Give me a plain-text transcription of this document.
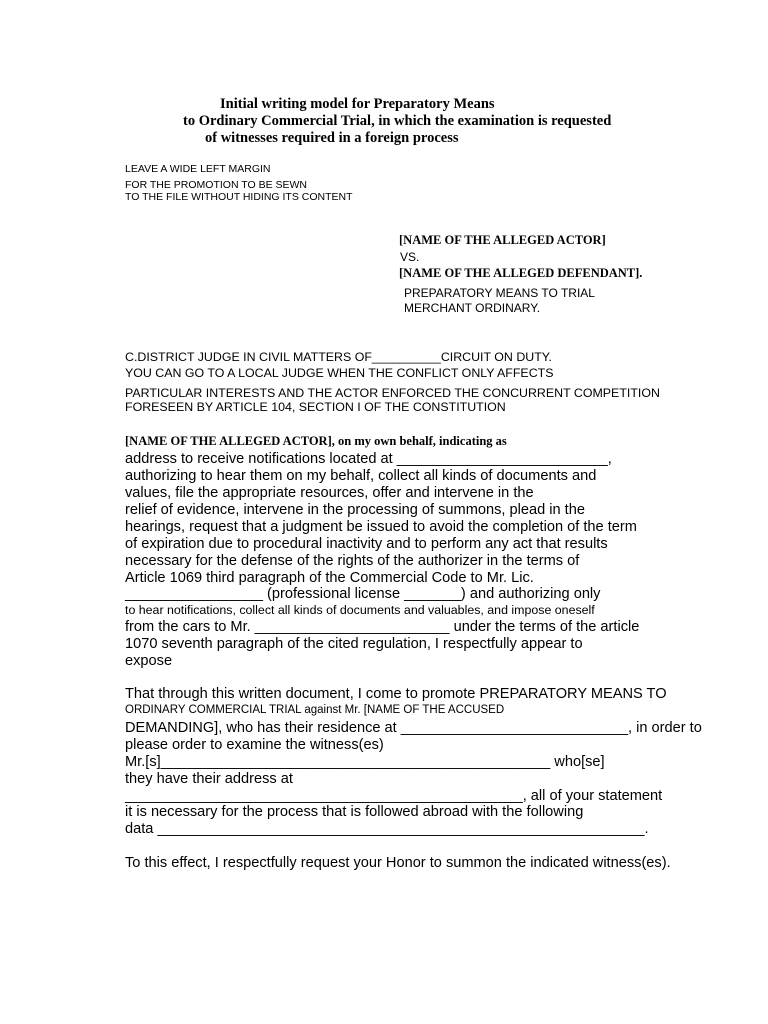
Initial writing model for Preparatory Means
to Ordinary Commercial Trial, in which the examination is requested
of witnesses required in a foreign process
LEAVE A WIDE LEFT MARGIN
FOR THE PROMOTION TO BE SEWN
TO THE FILE WITHOUT HIDING ITS CONTENT
[NAME OF THE ALLEGED ACTOR]
VS.
[NAME OF THE ALLEGED DEFENDANT].
PREPARATORY MEANS TO TRIAL
MERCHANT ORDINARY.
C.DISTRICT JUDGE IN CIVIL MATTERS OF__________CIRCUIT ON DUTY.
YOU CAN GO TO A LOCAL JUDGE WHEN THE CONFLICT ONLY AFFECTS
PARTICULAR INTERESTS AND THE ACTOR ENFORCED THE CONCURRENT COMPETITION
FORESEEN BY ARTICLE 104, SECTION I OF THE CONSTITUTION
[NAME OF THE ALLEGED ACTOR], on my own behalf, indicating as
address to receive notifications located at __________________________,
authorizing to hear them on my behalf, collect all kinds of documents and
values, file the appropriate resources, offer and intervene in the
relief of evidence, intervene in the processing of summons, plead in the
hearings, request that a judgment be issued to avoid the completion of the term
of expiration due to procedural inactivity and to perform any act that results
necessary for the defense of the rights of the authorizer in the terms of
Article 1069 third paragraph of the Commercial Code to Mr. Lic.
_________________ (professional license _______) and authorizing only
to hear notifications, collect all kinds of documents and valuables, and impose oneself
from the cars to Mr. ________________________ under the terms of the article
1070 seventh paragraph of the cited regulation, I respectfully appear to
expose
That through this written document, I come to promote PREPARATORY MEANS TO
ORDINARY COMMERCIAL TRIAL against Mr. [NAME OF THE ACCUSED
DEMANDING], who has their residence at ____________________________, in order to
please order to examine the witness(es)
Mr.[s]________________________________________________ who[se]
they have their address at
_________________________________________________, all of your statement
it is necessary for the process that is followed abroad with the following
data ____________________________________________________________.
To this effect, I respectfully request your Honor to summon the indicated witness(es).
